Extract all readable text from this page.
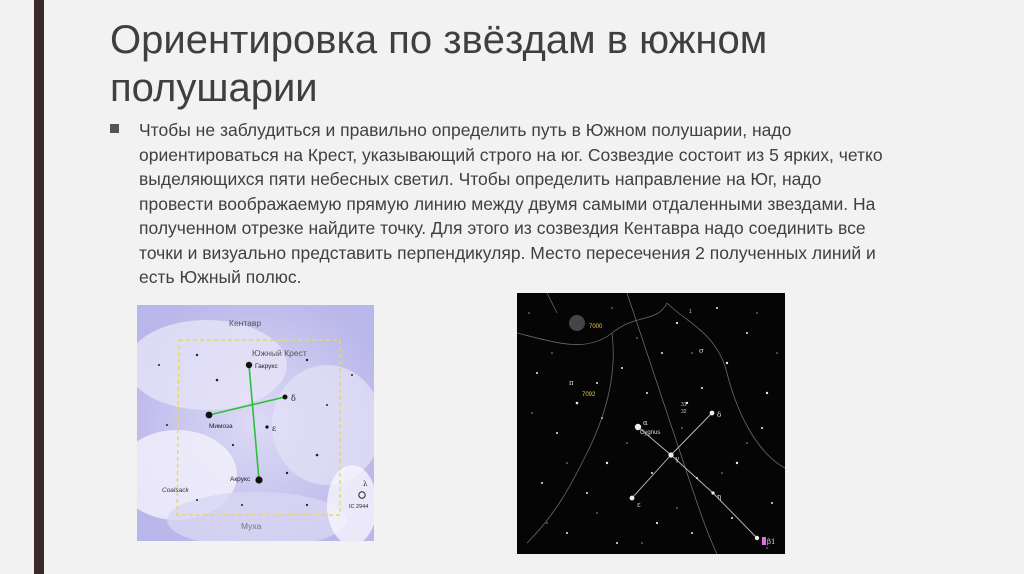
Ориентировка по звёздам в южном полушарии

Чтобы не заблудиться и правильно определить путь в Южном полушарии, надо ориентироваться на Крест, указывающий строго на юг. Созвездие состоит из 5 ярких, четко выделяющихся пяти небесных светил. Чтобы определить направление на Юг, надо провести воображаемую прямую линию между двумя самыми отдаленными звездами. На полученном отрезке найдите точку. Для этого из созвездия Кентавра надо соединить все точки и визуально представить перпендикуляр. Место пересечения 2 полученных линий и есть Южный полюс.

Кентавр
Южный Крест
Гакрукс
Мимоза
Акрукс
δ
ε
Coalsack
IC 2944
Муха
λ
7000
7092
α
Cygnus
γ
δ
ε
π
31
32
η
σ
1
β1
